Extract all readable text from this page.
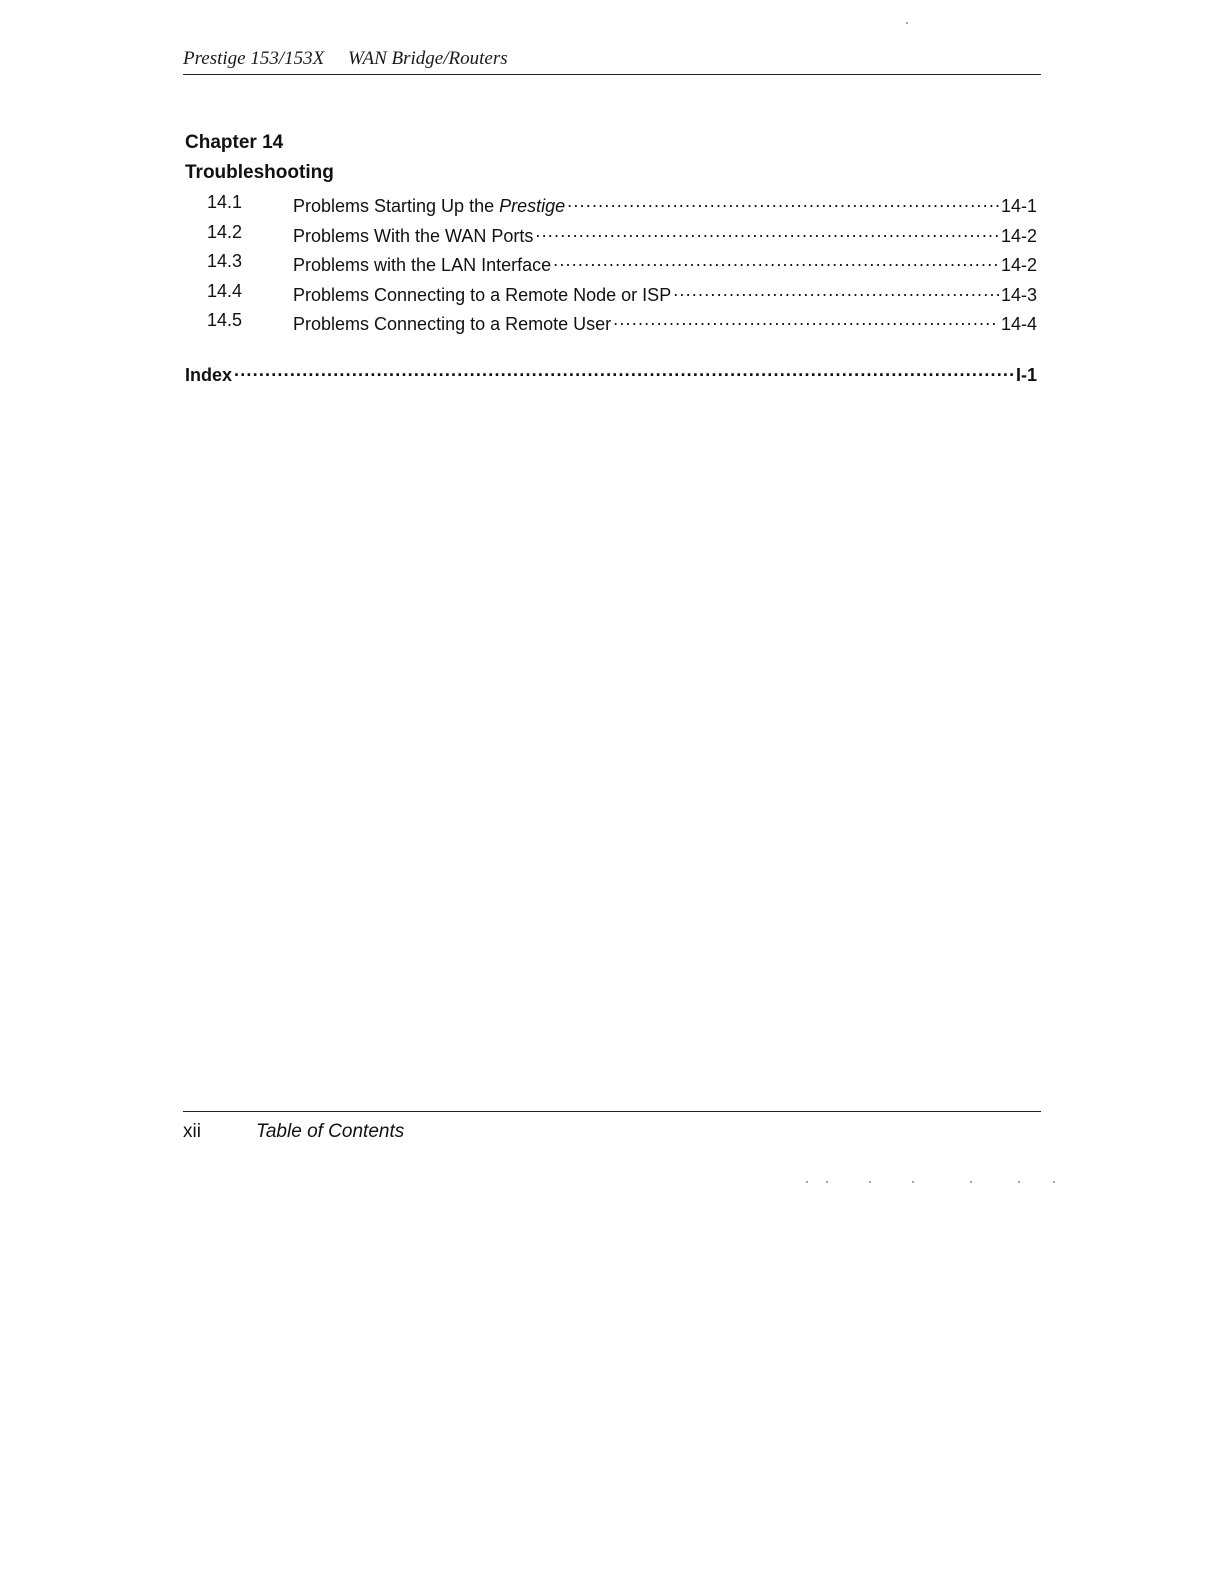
Prestige 153/153X WAN Bridge/Routers
Chapter 14
Troubleshooting
14.1	Problems Starting Up the Prestige .....	14-1
14.2	Problems With the WAN Ports .....	14-2
14.3	Problems with the LAN Interface .....	14-2
14.4	Problems Connecting to a Remote Node or ISP .....	14-3
14.5	Problems Connecting to a Remote User .....	14-4
Index .....	I-1
xii	Table of Contents
